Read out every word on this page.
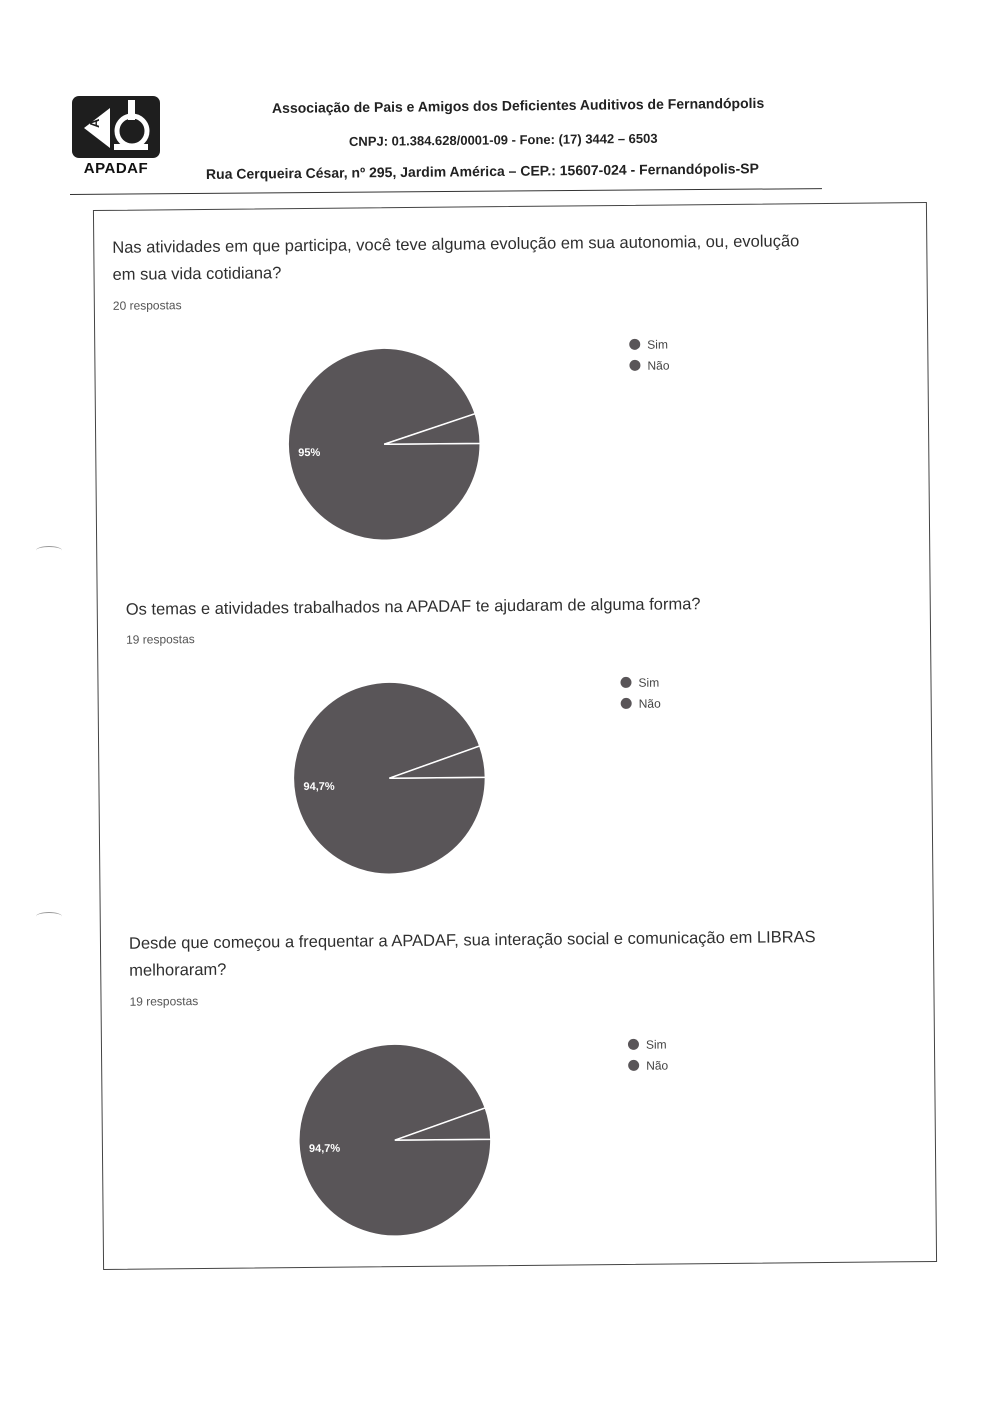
A
APADAF
Associação de Pais e Amigos dos Deficientes Auditivos de Fernandópolis
CNPJ: 01.384.628/0001-09 - Fone: (17) 3442 – 6503
Rua Cerqueira César, nº 295, Jardim América – CEP.: 15607-024 - Fernandópolis-SP
Nas atividades em que participa, você teve alguma evolução em sua autonomia, ou, evolução em sua vida cotidiana?
20 respostas
95%
Sim
Não
Os temas e atividades trabalhados na APADAF te ajudaram de alguma forma?
19 respostas
94,7%
Sim
Não
Desde que começou a frequentar a APADAF, sua interação social e comunicação em LIBRAS melhoraram?
19 respostas
94,7%
Sim
Não
